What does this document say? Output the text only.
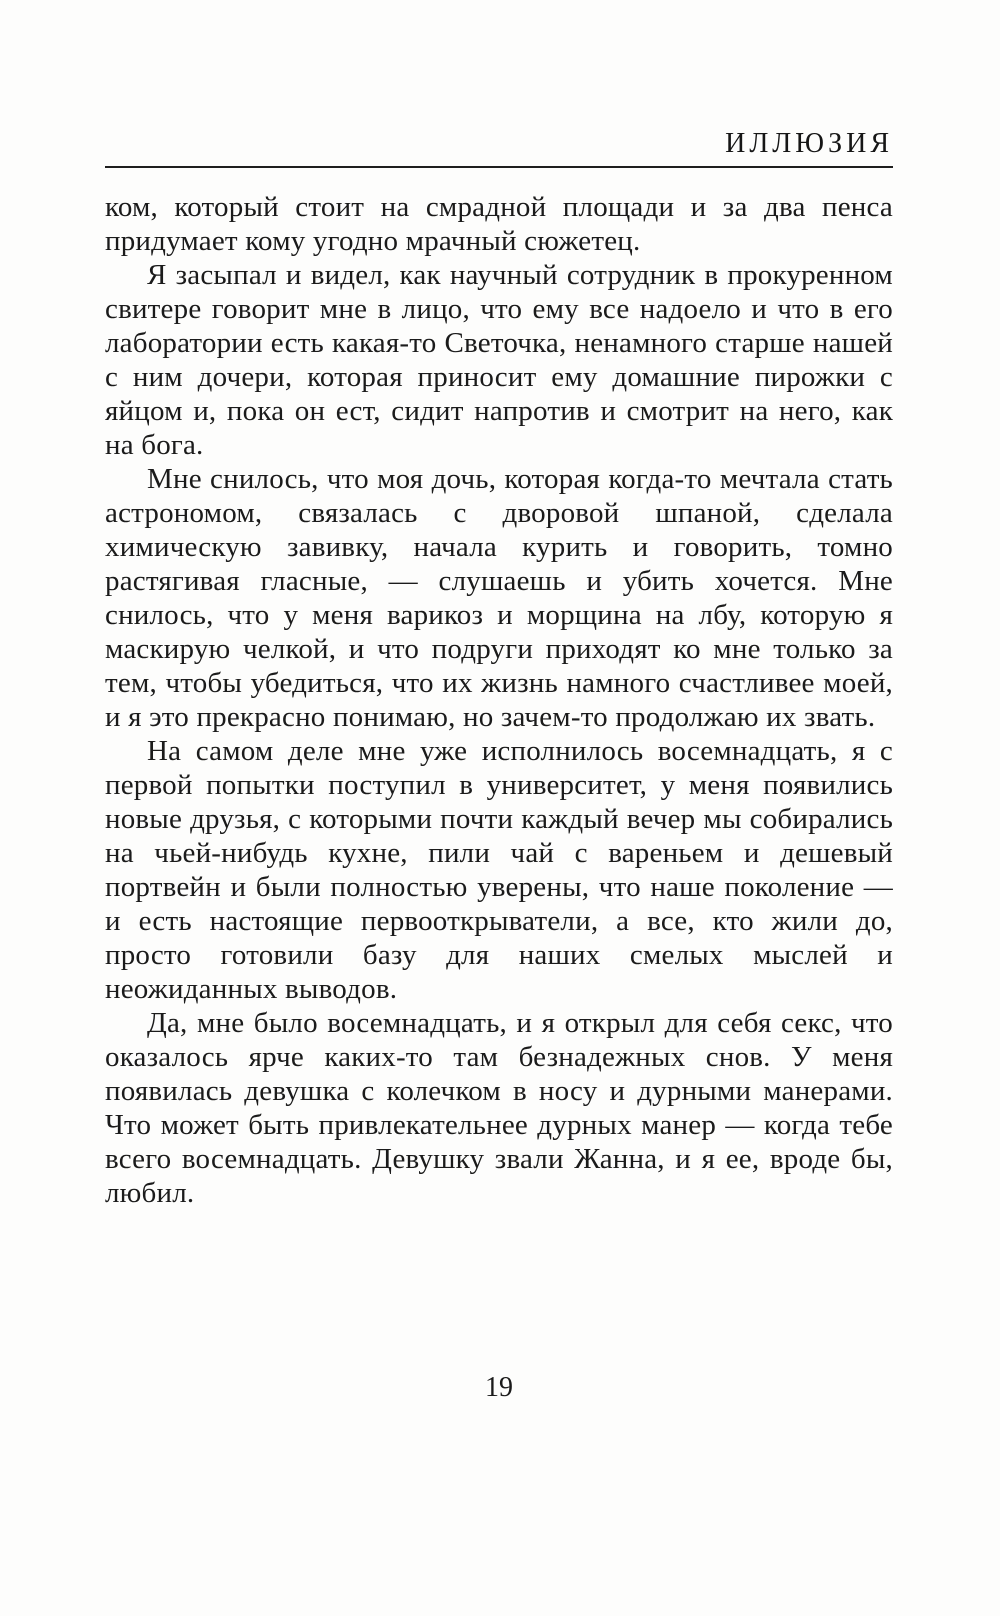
ИЛЛЮЗИЯ

ком, который стоит на смрадной площади и за два пенса придумает кому угодно мрачный сюжетец.

Я засыпал и видел, как научный сотрудник в прокуренном свитере говорит мне в лицо, что ему все надоело и что в его лаборатории есть какая-то Светочка, ненамного старше нашей с ним дочери, которая приносит ему домашние пирожки с яйцом и, пока он ест, сидит напротив и смотрит на него, как на бога.

Мне снилось, что моя дочь, которая когда-то мечтала стать астрономом, связалась с дворовой шпаной, сделала химическую завивку, начала курить и говорить, томно растягивая гласные, — слушаешь и убить хочется. Мне снилось, что у меня варикоз и морщина на лбу, которую я маскирую челкой, и что подруги приходят ко мне только за тем, чтобы убедиться, что их жизнь намного счастливее моей, и я это прекрасно понимаю, но зачем-то продолжаю их звать.

На самом деле мне уже исполнилось восемнадцать, я с первой попытки поступил в университет, у меня появились новые друзья, с которыми почти каждый вечер мы собирались на чьей-нибудь кухне, пили чай с вареньем и дешевый портвейн и были полностью уверены, что наше поколение — и есть настоящие первооткрыватели, а все, кто жили до, просто готовили базу для наших смелых мыслей и неожиданных выводов.

Да, мне было восемнадцать, и я открыл для себя секс, что оказалось ярче каких-то там безнадежных снов. У меня появилась девушка с колечком в носу и дурными манерами. Что может быть привлекательнее дурных манер — когда тебе всего восемнадцать. Девушку звали Жанна, и я ее, вроде бы, любил.

19
